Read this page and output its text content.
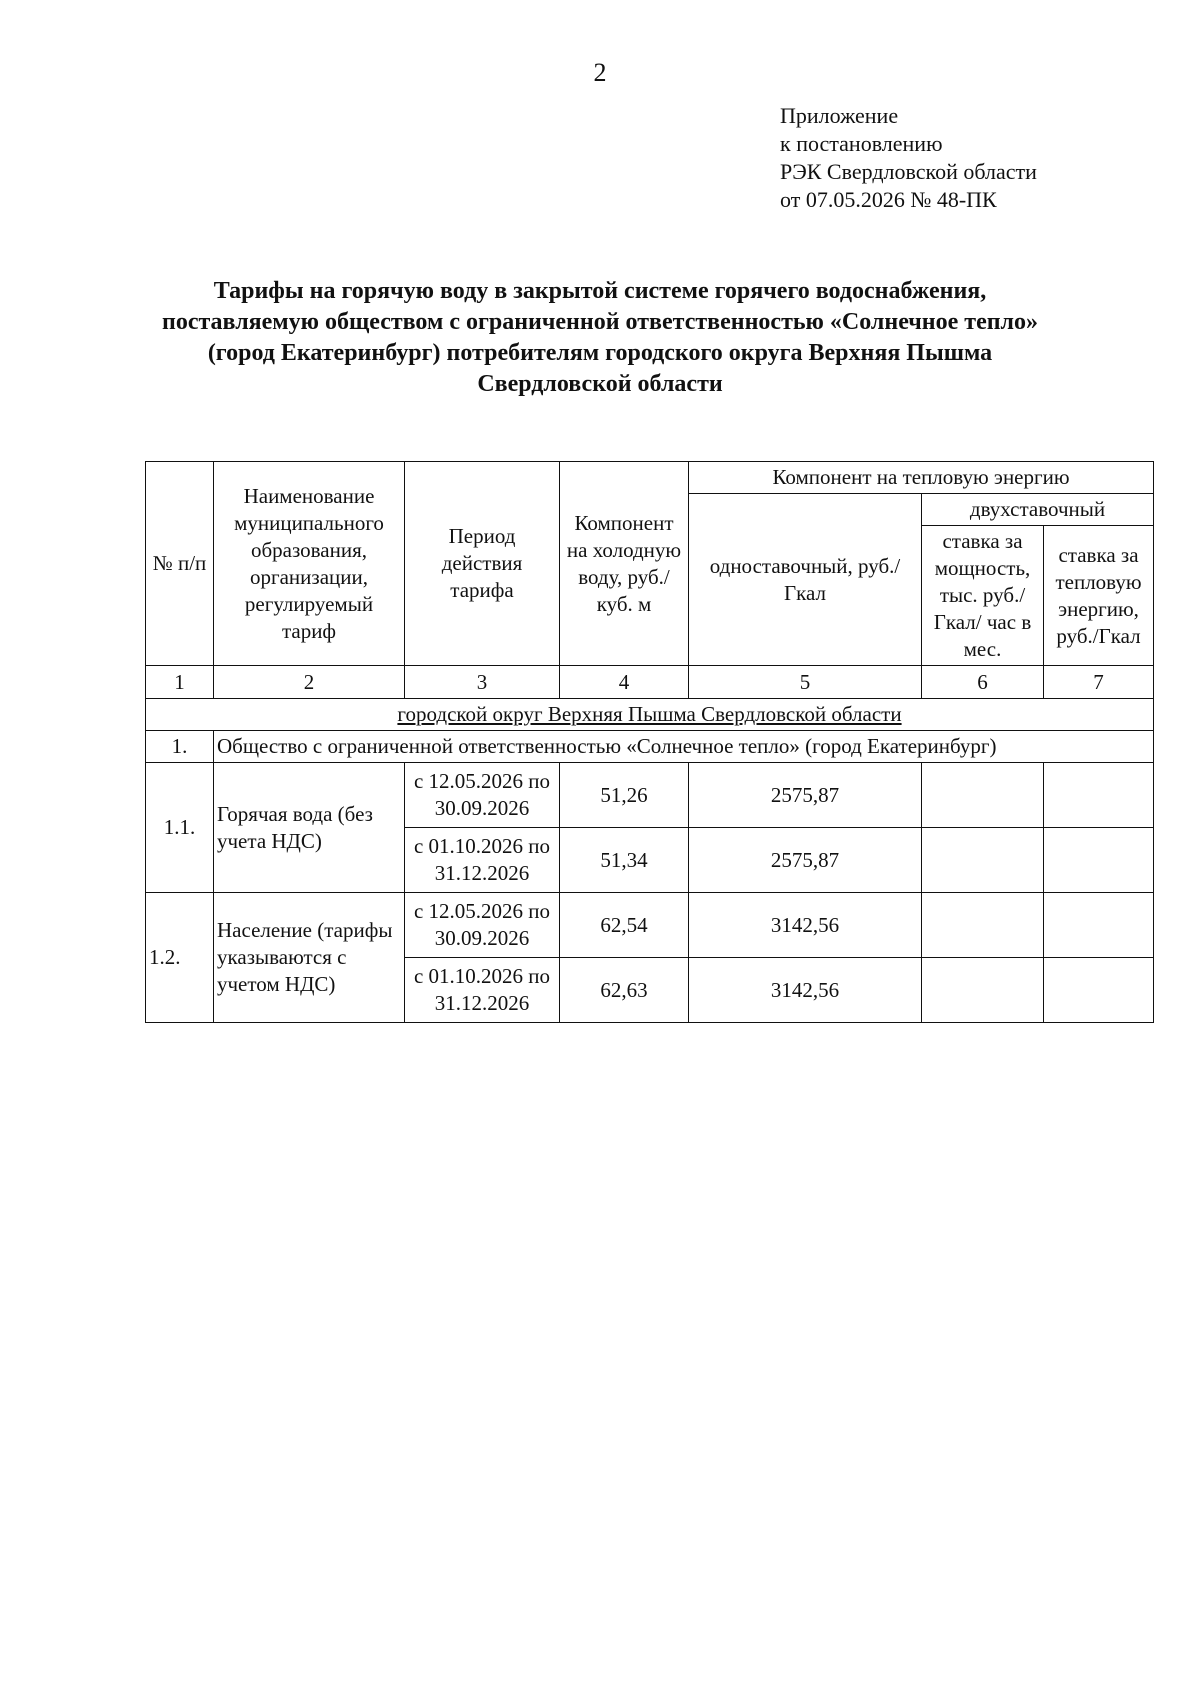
2
Приложение
к постановлению
РЭК Свердловской области
от 07.05.2026 № 48-ПК
Тарифы на горячую воду в закрытой системе горячего водоснабжения,
поставляемую обществом с ограниченной ответственностью «Солнечное тепло»
(город Екатеринбург) потребителям городского округа Верхняя Пышма
Свердловской области
№ п/п	Наименование муниципального образования, организации, регулируемый тариф	Период действия тарифа	Компонент на холодную воду, руб./куб. м	Компонент на тепловую энергию		
				одноставочный, руб./Гкал	двухставочный	
					ставка за мощность, тыс. руб./Гкал/ час в мес.	ставка за тепловую энергию, руб./Гкал
1	2	3	4	5	6	7
городской округ Верхняя Пышма Свердловской области						
1.	Общество с ограниченной ответственностью «Солнечное тепло» (город Екатеринбург)					
1.1.	Горячая вода (без учета НДС)	с 12.05.2026 по 30.09.2026	51,26	2575,87		
		с 01.10.2026 по 31.12.2026	51,34	2575,87		
1.2.	Население (тарифы указываются с учетом НДС)	с 12.05.2026 по 30.09.2026	62,54	3142,56		
		с 01.10.2026 по 31.12.2026	62,63	3142,56		
